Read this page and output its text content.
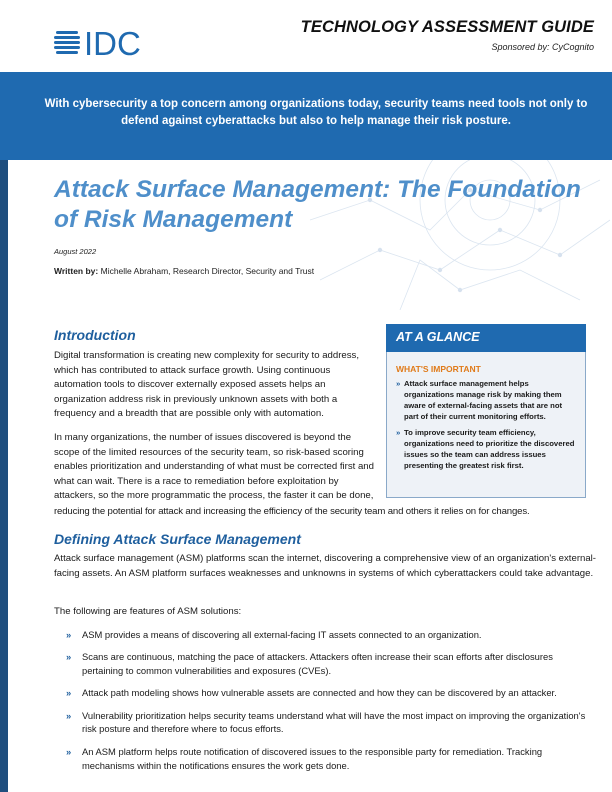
IDC	TECHNOLOGY ASSESSMENT GUIDE
Sponsored by: CyCognito
With cybersecurity a top concern among organizations today, security teams need tools not only to defend against cyberattacks but also to help manage their risk posture.
Attack Surface Management: The Foundation of Risk Management
August 2022
Written by: Michelle Abraham, Research Director, Security and Trust
Introduction
Digital transformation is creating new complexity for security to address, which has contributed to attack surface growth. Using continuous automation tools to discover externally exposed assets helps an organization address risk in previously unknown assets with both a frequency and a breadth that are possible only with automation.
In many organizations, the number of issues discovered is beyond the scope of the limited resources of the security team, so risk-based scoring enables prioritization and understanding of what must be corrected first and what can wait. There is a race to remediation before exploitation by attackers, so the more programmatic the process, the faster it can be done,
reducing the potential for attack and increasing the efficiency of the security team and others it relies on for changes.
AT A GLANCE
WHAT'S IMPORTANT
» Attack surface management helps organizations manage risk by making them aware of external-facing assets that are not part of their current monitoring efforts.
» To improve security team efficiency, organizations need to prioritize the discovered issues so the team can address issues presenting the greatest risk first.
Defining Attack Surface Management
Attack surface management (ASM) platforms scan the internet, discovering a comprehensive view of an organization's external-facing assets. An ASM platform surfaces weaknesses and unknowns in systems of which cyberattackers could take advantage.
The following are features of ASM solutions:
» ASM provides a means of discovering all external-facing IT assets connected to an organization.
» Scans are continuous, matching the pace of attackers. Attackers often increase their scan efforts after disclosures pertaining to common vulnerabilities and exposures (CVEs).
» Attack path modeling shows how vulnerable assets are connected and how they can be discovered by an attacker.
» Vulnerability prioritization helps security teams understand what will have the most impact on improving the organization's risk posture and therefore where to focus efforts.
» An ASM platform helps route notification of discovered issues to the responsible party for remediation. Tracking mechanisms within the notifications ensures the work gets done.
